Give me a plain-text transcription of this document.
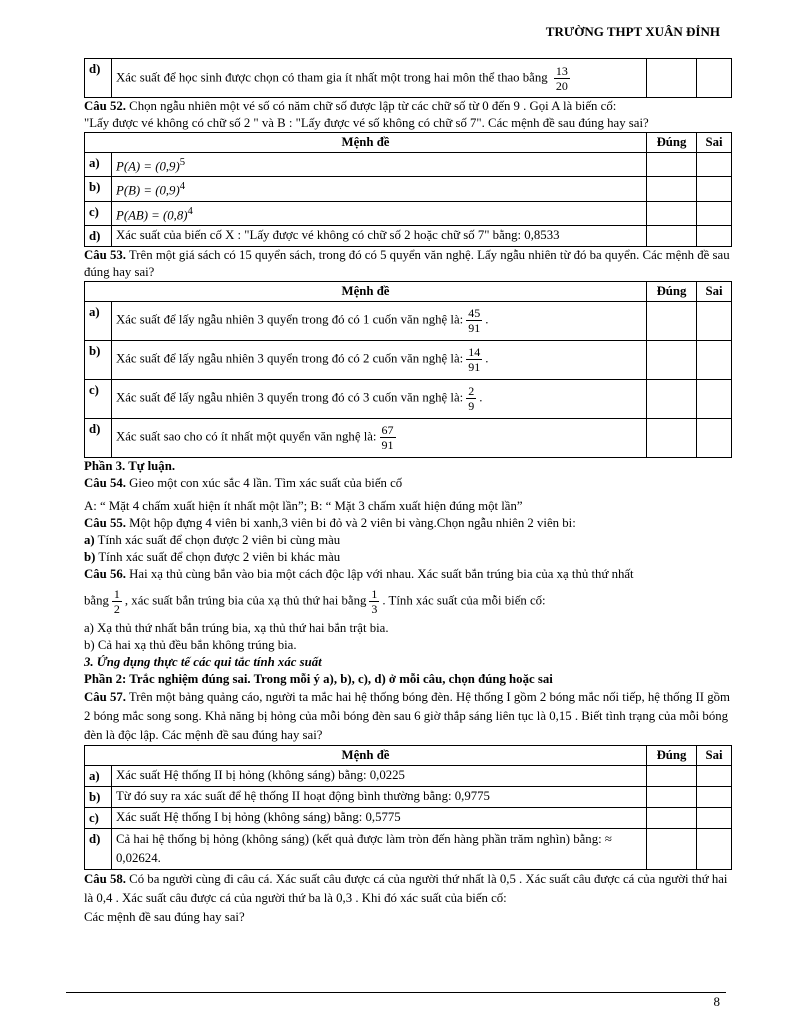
TRƯỜNG THPT XUÂN ĐỈNH
d)	Xác suất để học sinh được chọn có tham gia ít nhất một trong hai môn thể thao bằng $\frac{13}{20}$

Câu 52. Chọn ngẫu nhiên một vé số có năm chữ số được lập từ các chữ số từ 0 đến 9 . Gọi A là biến cố:

"Lấy được vé không có chữ số 2 " và B : "Lấy được vé số không có chữ số 7". Các mệnh đề sau đúng hay sai?

Mệnh đề		Đúng	Sai
a)	$P(A) = (0,9)^5$		
b)	$P(B) = (0,9)^4$		
c)	$P(AB) = (0,8)^4$		
d)	Xác suất của biến cố X : "Lấy được vé không có chữ số 2 hoặc chữ số 7" bằng: 0,8533		

Câu 53. Trên một giá sách có 15 quyển sách, trong đó có 5 quyển văn nghệ. Lấy ngẫu nhiên từ đó ba quyển. Các mệnh đề sau đúng hay sai?

Mệnh đề		Đúng	Sai
a)	Xác suất để lấy ngẫu nhiên 3 quyển trong đó có 1 cuốn văn nghệ là: $\frac{45}{91}$ .		
b)	Xác suất để lấy ngẫu nhiên 3 quyển trong đó có 2 cuốn văn nghệ là: $\frac{14}{91}$ .		
c)	Xác suất để lấy ngẫu nhiên 3 quyển trong đó có 3 cuốn văn nghệ là: $\frac{2}{9}$ .		
d)	Xác suất sao cho có ít nhất một quyển văn nghệ là: $\frac{67}{91}$

Phần 3. Tự luận.

Câu 54. Gieo một con xúc sắc 4 lần. Tìm xác suất của biến cố

A: “ Mặt 4 chấm xuất hiện ít nhất một lần”; B: “ Mặt 3 chấm xuất hiện đúng một lần”

Câu 55. Một hộp đựng 4 viên bi xanh,3 viên bi đỏ và 2 viên bi vàng.Chọn ngẫu nhiên 2 viên bi:

a) Tính xác suất để chọn được 2 viên bi cùng màu

b) Tính xác suất để chọn được 2 viên bi khác màu

Câu 56. Hai xạ thủ cùng bắn vào bia một cách độc lập với nhau. Xác suất bắn trúng bia của xạ thủ thứ nhất

bằng $\frac{1}{2}$ , xác suất bắn trúng bia của xạ thủ thứ hai bằng $\frac{1}{3}$ . Tính xác suất của mỗi biến cố:

a) Xạ thủ thứ nhất bắn trúng bia, xạ thủ thứ hai bắn trật bia.

b) Cả hai xạ thủ đều bắn không trúng bia.

3. Ứng dụng thực tế các qui tắc tính xác suất

Phần 2: Trắc nghiệm đúng sai. Trong mỗi ý a), b), c), d) ở mỗi câu, chọn đúng hoặc sai

Câu 57. Trên một bảng quảng cáo, người ta mắc hai hệ thống bóng đèn. Hệ thống I gồm 2 bóng mắc nối tiếp, hệ thống II gồm 2 bóng mắc song song. Khả năng bị hỏng của mỗi bóng đèn sau 6 giờ thắp sáng liên tục là 0,15 . Biết tình trạng của mỗi bóng đèn là độc lập. Các mệnh đề sau đúng hay sai?

Mệnh đề		Đúng	Sai
a)	Xác suất Hệ thống II bị hỏng (không sáng) bằng: 0,0225		
b)	Từ đó suy ra xác suất để hệ thống II hoạt động bình thường bằng: 0,9775		
c)	Xác suất Hệ thống I bị hỏng (không sáng) bằng: 0,5775		
d)	Cả hai hệ thống bị hỏng (không sáng) (kết quả được làm tròn đến hàng phần trăm nghìn) bằng: ≈ 0,02624.		

Câu 58. Có ba người cùng đi câu cá. Xác suất câu được cá của người thứ nhất là 0,5 . Xác suất câu được cá của người thứ hai là 0,4 . Xác suất câu được cá của người thứ ba là 0,3 . Khi đó xác suất của biến cố:

Các mệnh đề sau đúng hay sai?

8
